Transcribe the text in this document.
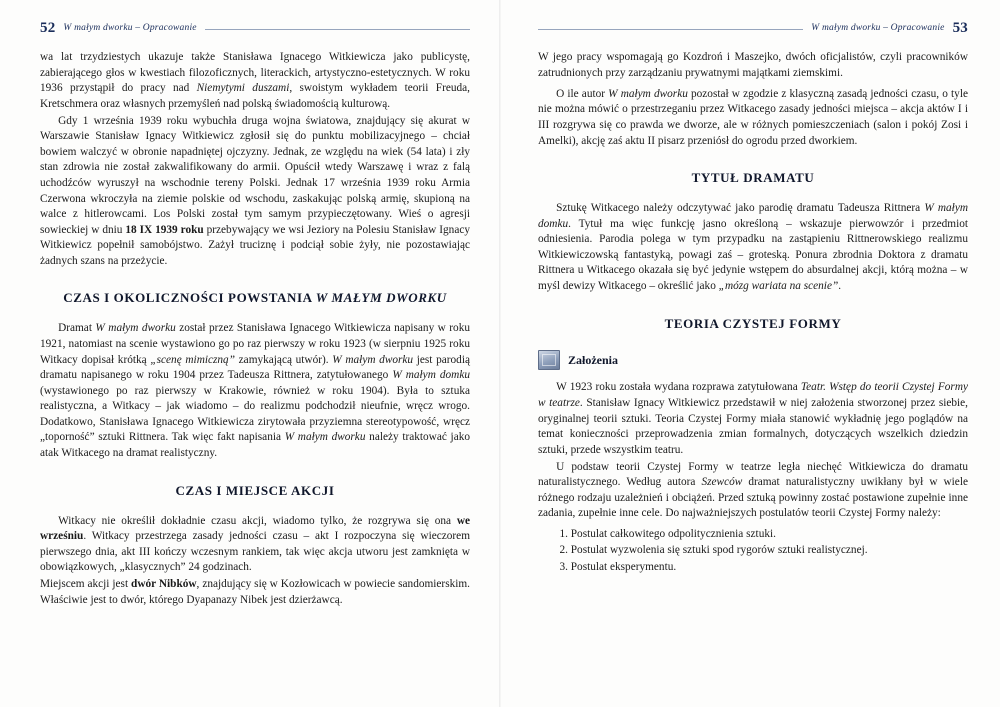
52 W małym dworku – Opracowanie

wa lat trzydziestych ukazuje także Stanisława Ignacego Witkiewicza jako publicystę, zabierającego głos w kwestiach filozoficznych, literackich, artystyczno-estetycznych. W roku 1936 przystąpił do pracy nad Niemytymi duszami, swoistym wykładem teorii Freuda, Kretschmera oraz własnych przemyśleń nad polską świadomością kulturową.

Gdy 1 września 1939 roku wybuchła druga wojna światowa, znajdujący się akurat w Warszawie Stanisław Ignacy Witkiewicz zgłosił się do punktu mobilizacyjnego – chciał bowiem walczyć w obronie napadniętej ojczyzny. Jednak, ze względu na wiek (54 lata) i zły stan zdrowia nie został zakwalifikowany do armii. Opuścił wtedy Warszawę i wraz z falą uchodźców wyruszył na wschodnie tereny Polski. Jednak 17 września 1939 roku Armia Czerwona wkroczyła na ziemie polskie od wschodu, zaskakując polską armię, skupioną na walce z hitlerowcami. Los Polski został tym samym przypieczętowany. Wieś o agresji sowieckiej w dniu 18 IX 1939 roku przebywający we wsi Jeziory na Polesiu Stanisław Ignacy Witkiewicz popełnił samobójstwo. Zażył truciznę i podciął sobie żyły, nie pozostawiając żadnych szans na przeżycie.

CZAS I OKOLICZNOŚCI POWSTANIA W MAŁYM DWORKU

Dramat W małym dworku został przez Stanisława Ignacego Witkiewicza napisany w roku 1921, natomiast na scenie wystawiono go po raz pierwszy w roku 1923 (w sierpniu 1925 roku Witkacy dopisał krótką „scenę mimiczną” zamykającą utwór). W małym dworku jest parodią dramatu napisanego w roku 1904 przez Tadeusza Rittnera, zatytułowanego W małym domku (wystawionego po raz pierwszy w Krakowie, również w roku 1904). Była to sztuka realistyczna, a Witkacy – jak wiadomo – do realizmu podchodził nieufnie, wręcz wrogo. Dodatkowo, Stanisława Ignacego Witkiewicza zirytowała przyziemna stereotypowość, wręcz „toporność” sztuki Rittnera. Tak więc fakt napisania W małym dworku należy traktować jako atak Witkacego na dramat realistyczny.

CZAS I MIEJSCE AKCJI

Witkacy nie określił dokładnie czasu akcji, wiadomo tylko, że rozgrywa się ona we wrześniu. Witkacy przestrzega zasady jedności czasu – akt I rozpoczyna się wieczorem pierwszego dnia, akt III kończy wczesnym rankiem, tak więc akcja utworu jest zamknięta w obowiązkowych, „klasycznych” 24 godzinach.

Miejscem akcji jest dwór Nibków, znajdujący się w Kozłowicach w powiecie sandomierskim. Właściwie jest to dwór, którego Dyapanazy Nibek jest dzierżawcą.

W małym dworku – Opracowanie 53

W jego pracy wspomagają go Kozdroń i Maszejko, dwóch oficjalistów, czyli pracowników zatrudnionych przy zarządzaniu prywatnymi majątkami ziemskimi.

O ile autor W małym dworku pozostał w zgodzie z klasyczną zasadą jedności czasu, o tyle nie można mówić o przestrzeganiu przez Witkacego zasady jedności miejsca – akcja aktów I i III rozgrywa się co prawda we dworze, ale w różnych pomieszczeniach (salon i pokój Zosi i Amelki), akcję zaś aktu II pisarz przeniósł do ogrodu przed dworkiem.

TYTUŁ DRAMATU

Sztukę Witkacego należy odczytywać jako parodię dramatu Tadeusza Rittnera W małym domku. Tytuł ma więc funkcję jasno określoną – wskazuje pierwowzór i przedmiot odniesienia. Parodia polega w tym przypadku na zastąpieniu Rittnerowskiego realizmu Witkiewiczowską fantastyką, powagi zaś – groteską. Ponura zbrodnia Doktora z dramatu Rittnera u Witkacego okazała się być jedynie wstępem do absurdalnej akcji, którą można – w myśl dewizy Witkacego – określić jako „mózg wariata na scenie”.

TEORIA CZYSTEJ FORMY
Założenia

W 1923 roku została wydana rozprawa zatytułowana Teatr. Wstęp do teorii Czystej Formy w teatrze. Stanisław Ignacy Witkiewicz przedstawił w niej założenia stworzonej przez siebie, oryginalnej teorii sztuki. Teoria Czystej Formy miała stanowić wykładnię jego poglądów na temat konieczności przeprowadzenia zmian formalnych, dotyczących wszelkich dziedzin sztuki, przede wszystkim teatru.

U podstaw teorii Czystej Formy w teatrze legła niechęć Witkiewicza do dramatu naturalistycznego. Według autora Szewców dramat naturalistyczny uwikłany był w wiele różnego rodzaju uzależnień i obciążeń. Przed sztuką powinny zostać postawione zupełnie inne zadania, zupełnie inne cele. Do najważniejszych postulatów teorii Czystej Formy należy:

1. Postulat całkowitego odpolitycznienia sztuki.
2. Postulat wyzwolenia się sztuki spod rygorów sztuki realistycznej.
3. Postulat eksperymentu.
